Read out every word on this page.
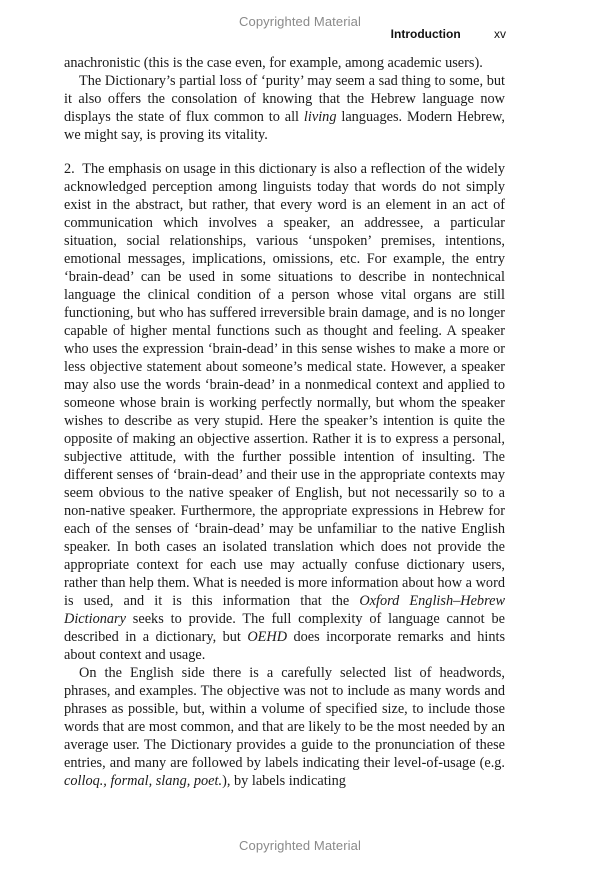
Copyrighted Material
Introduction	xv

anachronistic (this is the case even, for example, among academic users).

The Dictionary’s partial loss of ‘purity’ may seem a sad thing to some, but it also offers the consolation of knowing that the Hebrew language now displays the state of flux common to all living languages. Modern Hebrew, we might say, is proving its vitality.

2. The emphasis on usage in this dictionary is also a reflection of the widely acknowledged perception among linguists today that words do not simply exist in the abstract, but rather, that every word is an element in an act of communication which involves a speaker, an addressee, a particular situation, social relationships, various ‘unspoken’ premises, intentions, emotional messages, implications, omissions, etc. For example, the entry ‘brain-dead’ can be used in some situations to describe in nontechnical language the clinical condition of a person whose vital organs are still functioning, but who has suffered irreversible brain damage, and is no longer capable of higher mental functions such as thought and feeling. A speaker who uses the expression ‘brain-dead’ in this sense wishes to make a more or less objective statement about someone’s medical state. However, a speaker may also use the words ‘brain-dead’ in a nonmedical context and applied to someone whose brain is working perfectly normally, but whom the speaker wishes to describe as very stupid. Here the speaker’s intention is quite the opposite of making an objective assertion. Rather it is to express a personal, subjective attitude, with the further possible intention of insulting. The different senses of ‘brain-dead’ and their use in the appropriate contexts may seem obvious to the native speaker of English, but not necessarily so to a non-native speaker. Furthermore, the appropriate expressions in Hebrew for each of the senses of ‘brain-dead’ may be unfamiliar to the native English speaker. In both cases an isolated translation which does not provide the appropriate context for each use may actually confuse dictionary users, rather than help them. What is needed is more information about how a word is used, and it is this information that the Oxford English–Hebrew Dictionary seeks to provide. The full complexity of language cannot be described in a dictionary, but OEHD does incorporate remarks and hints about context and usage.

On the English side there is a carefully selected list of headwords, phrases, and examples. The objective was not to include as many words and phrases as possible, but, within a volume of specified size, to include those words that are most common, and that are likely to be the most needed by an average user. The Dictionary provides a guide to the pronunciation of these entries, and many are followed by labels indicating their level-of-usage (e.g. colloq., formal, slang, poet.), by labels indicating

Copyrighted Material
